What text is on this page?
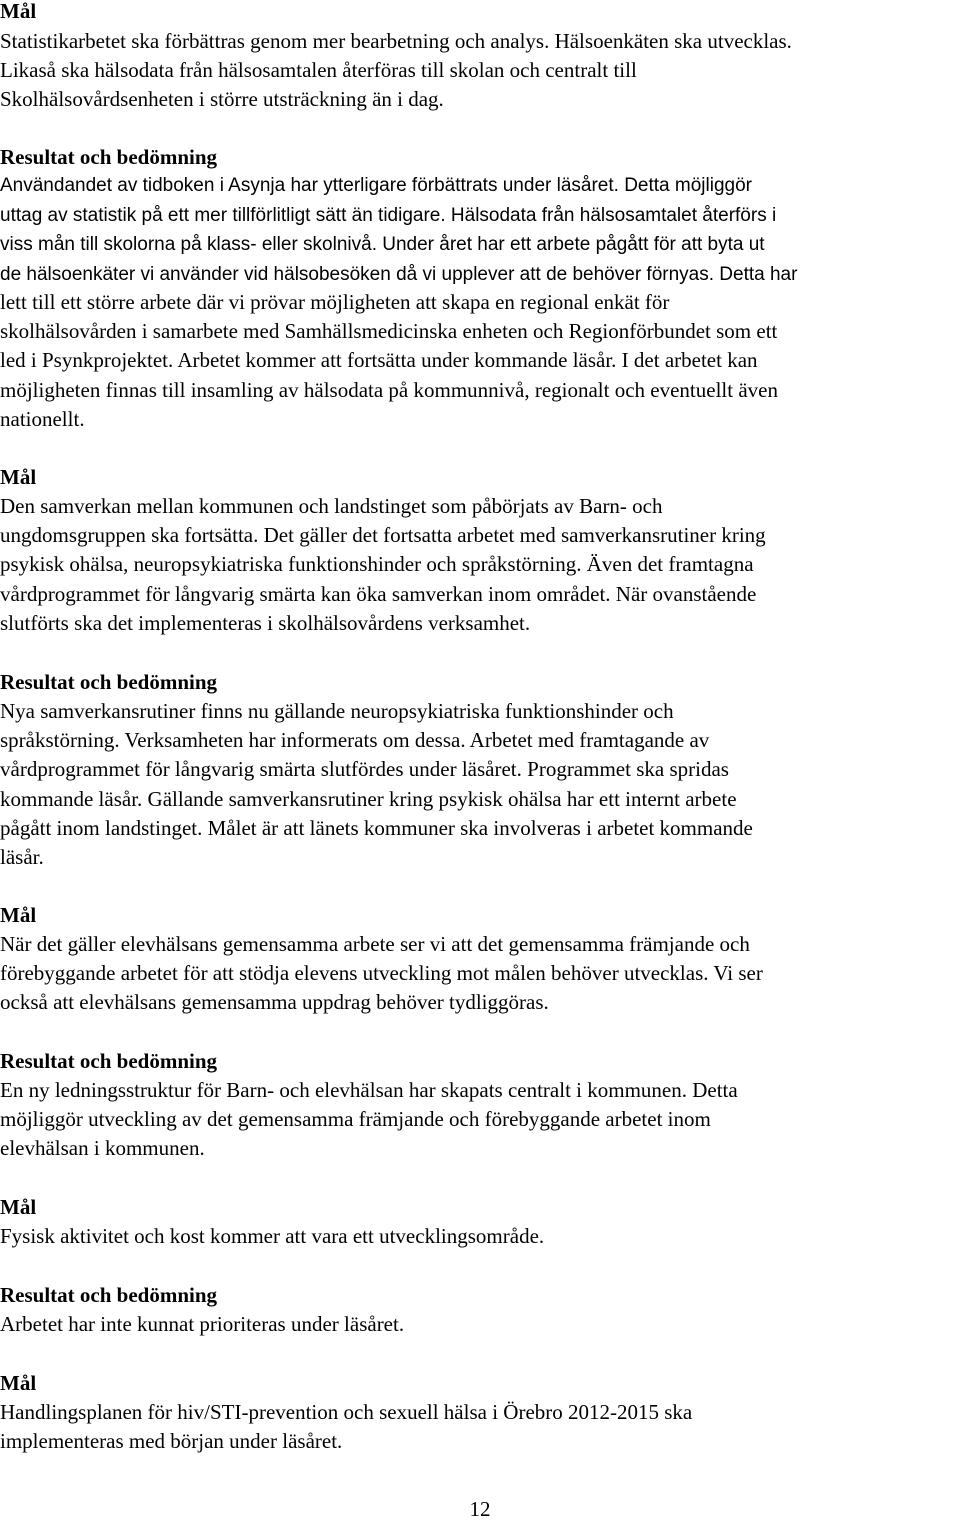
Mål
Statistikarbetet ska förbättras genom mer bearbetning och analys. Hälsoenkäten ska utvecklas.
Likaså ska hälsodata från hälsosamtalen återföras till skolan och centralt till
Skolhälsovårdsenheten i större utsträckning än i dag.
Resultat och bedömning
Användandet av tidboken i Asynja har ytterligare förbättrats under läsåret. Detta möjliggör
uttag av statistik på ett mer tillförlitligt sätt än tidigare. Hälsodata från hälsosamtalet återförs i
viss mån till skolorna på klass- eller skolnivå. Under året har ett arbete pågått för att byta ut
de hälsoenkäter vi använder vid hälsobesöken då vi upplever att de behöver förnyas. Detta har
lett till ett större arbete där vi prövar möjligheten att skapa en regional enkät för
skolhälsovården i samarbete med Samhällsmedicinska enheten och Regionförbundet som ett
led i Psynkprojektet. Arbetet kommer att fortsätta under kommande läsår. I det arbetet kan
möjligheten finnas till insamling av hälsodata på kommunnivå, regionalt och eventuellt även
nationellt.
Mål
Den samverkan mellan kommunen och landstinget som påbörjats av Barn- och
ungdomsgruppen ska fortsätta. Det gäller det fortsatta arbetet med samverkansrutiner kring
psykisk ohälsa, neuropsykiatriska funktionshinder och språkstörning. Även det framtagna
vårdprogrammet för långvarig smärta kan öka samverkan inom området. När ovanstående
slutförts ska det implementeras i skolhälsovårdens verksamhet.
Resultat och bedömning
Nya samverkansrutiner finns nu gällande neuropsykiatriska funktionshinder och
språkstörning. Verksamheten har informerats om dessa. Arbetet med framtagande av
vårdprogrammet för långvarig smärta slutfördes under läsåret. Programmet ska spridas
kommande läsår. Gällande samverkansrutiner kring psykisk ohälsa har ett internt arbete
pågått inom landstinget. Målet är att länets kommuner ska involveras i arbetet kommande
läsår.
Mål
När det gäller elevhälsans gemensamma arbete ser vi att det gemensamma främjande och
förebyggande arbetet för att stödja elevens utveckling mot målen behöver utvecklas. Vi ser
också att elevhälsans gemensamma uppdrag behöver tydliggöras.
Resultat och bedömning
En ny ledningsstruktur för Barn- och elevhälsan har skapats centralt i kommunen. Detta
möjliggör utveckling av det gemensamma främjande och förebyggande arbetet inom
elevhälsan i kommunen.
Mål
Fysisk aktivitet och kost kommer att vara ett utvecklingsområde.
Resultat och bedömning
Arbetet har inte kunnat prioriteras under läsåret.
Mål
Handlingsplanen för hiv/STI-prevention och sexuell hälsa i Örebro 2012-2015 ska
implementeras med början under läsåret.
12
